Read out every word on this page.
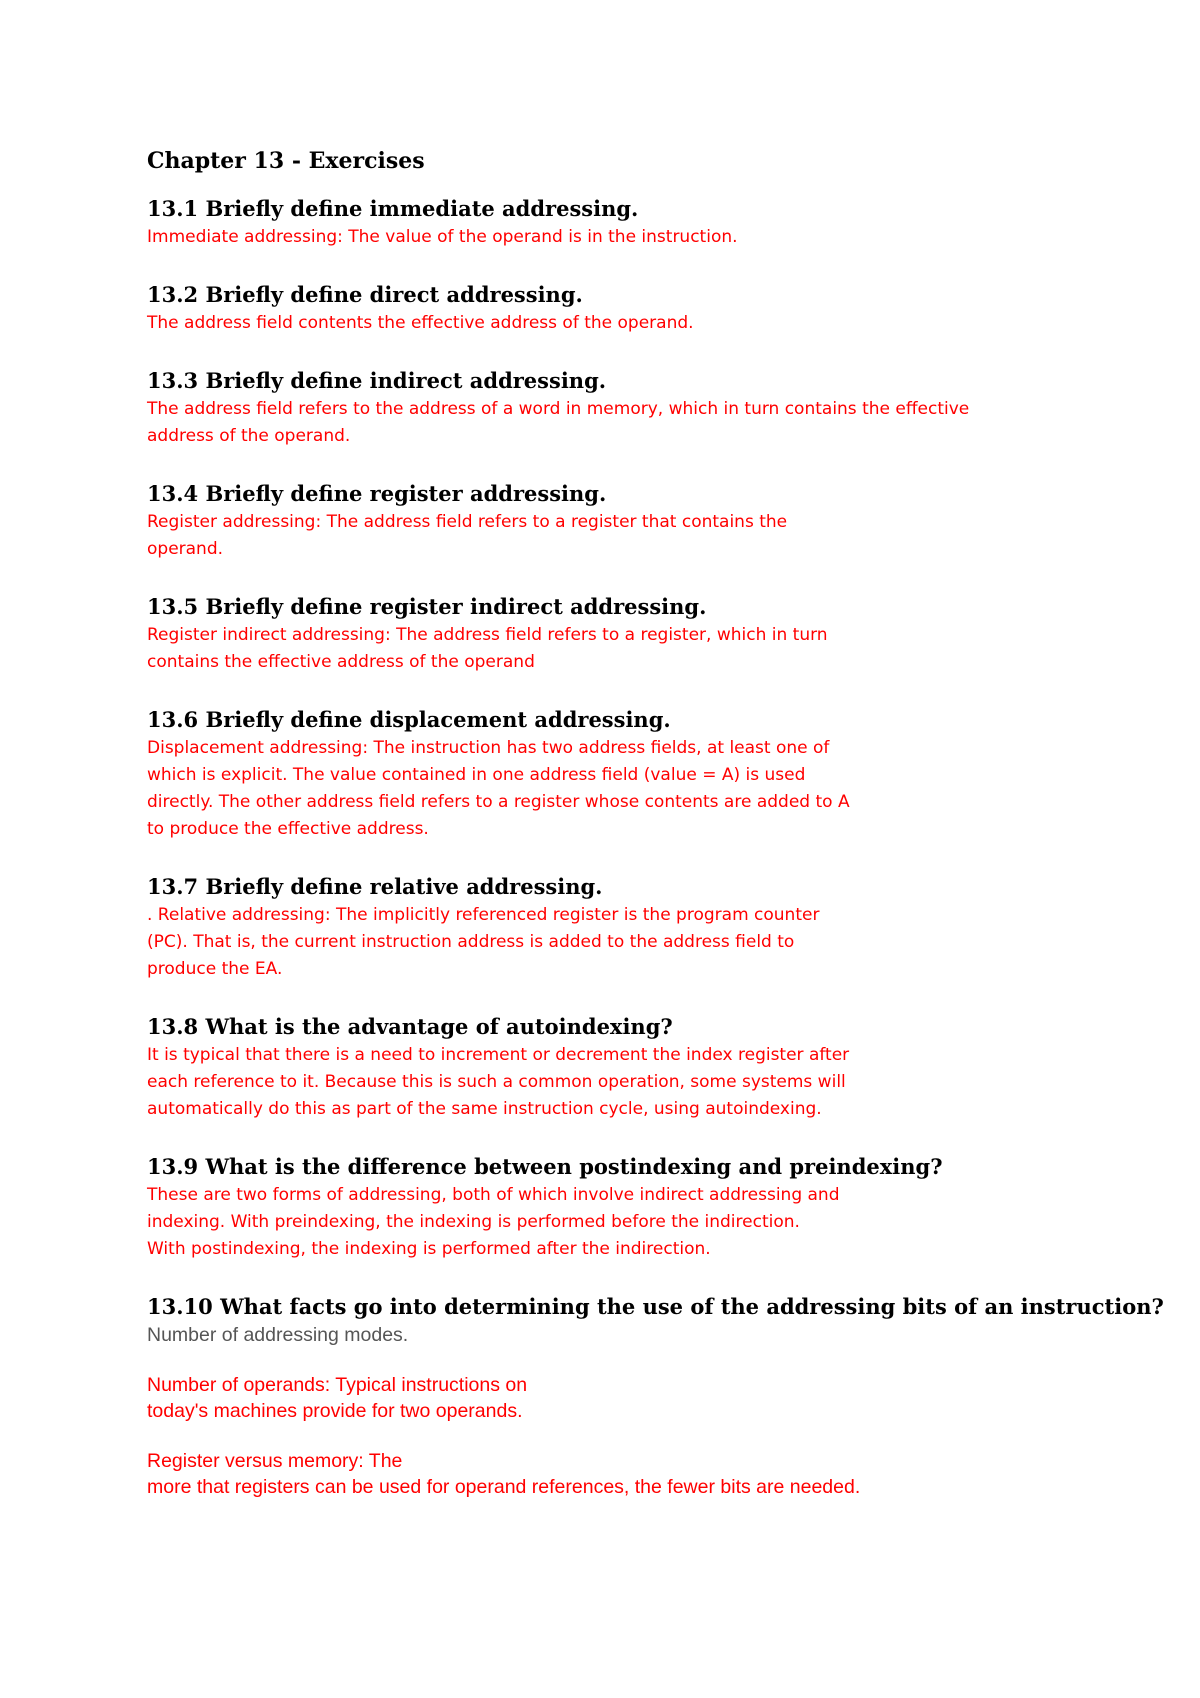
Chapter 13 - Exercises
13.1 Briefly define immediate addressing.
Immediate addressing: The value of the operand is in the instruction.
13.2 Briefly define direct addressing.
The address field contents the effective address of the operand.
13.3 Briefly define indirect addressing.
The address field refers to the address of a word in memory, which in turn contains the effective
address of the operand.
13.4 Briefly define register addressing.
Register addressing: The address field refers to a register that contains the
operand.
13.5 Briefly define register indirect addressing.
Register indirect addressing: The address field refers to a register, which in turn
contains the effective address of the operand
13.6 Briefly define displacement addressing.
Displacement addressing: The instruction has two address fields, at least one of
which is explicit. The value contained in one address field (value = A) is used
directly. The other address field refers to a register whose contents are added to A
to produce the effective address.
13.7 Briefly define relative addressing.
. Relative addressing: The implicitly referenced register is the program counter
(PC). That is, the current instruction address is added to the address field to
produce the EA.
13.8 What is the advantage of autoindexing?
It is typical that there is a need to increment or decrement the index register after
each reference to it. Because this is such a common operation, some systems will
automatically do this as part of the same instruction cycle, using autoindexing.
13.9 What is the difference between postindexing and preindexing?
These are two forms of addressing, both of which involve indirect addressing and
indexing. With preindexing, the indexing is performed before the indirection.
With postindexing, the indexing is performed after the indirection.
13.10 What facts go into determining the use of the addressing bits of an instruction?
Number of addressing modes.
Number of operands: Typical instructions on
today's machines provide for two operands.
Register versus memory: The
more that registers can be used for operand references, the fewer bits are needed.
